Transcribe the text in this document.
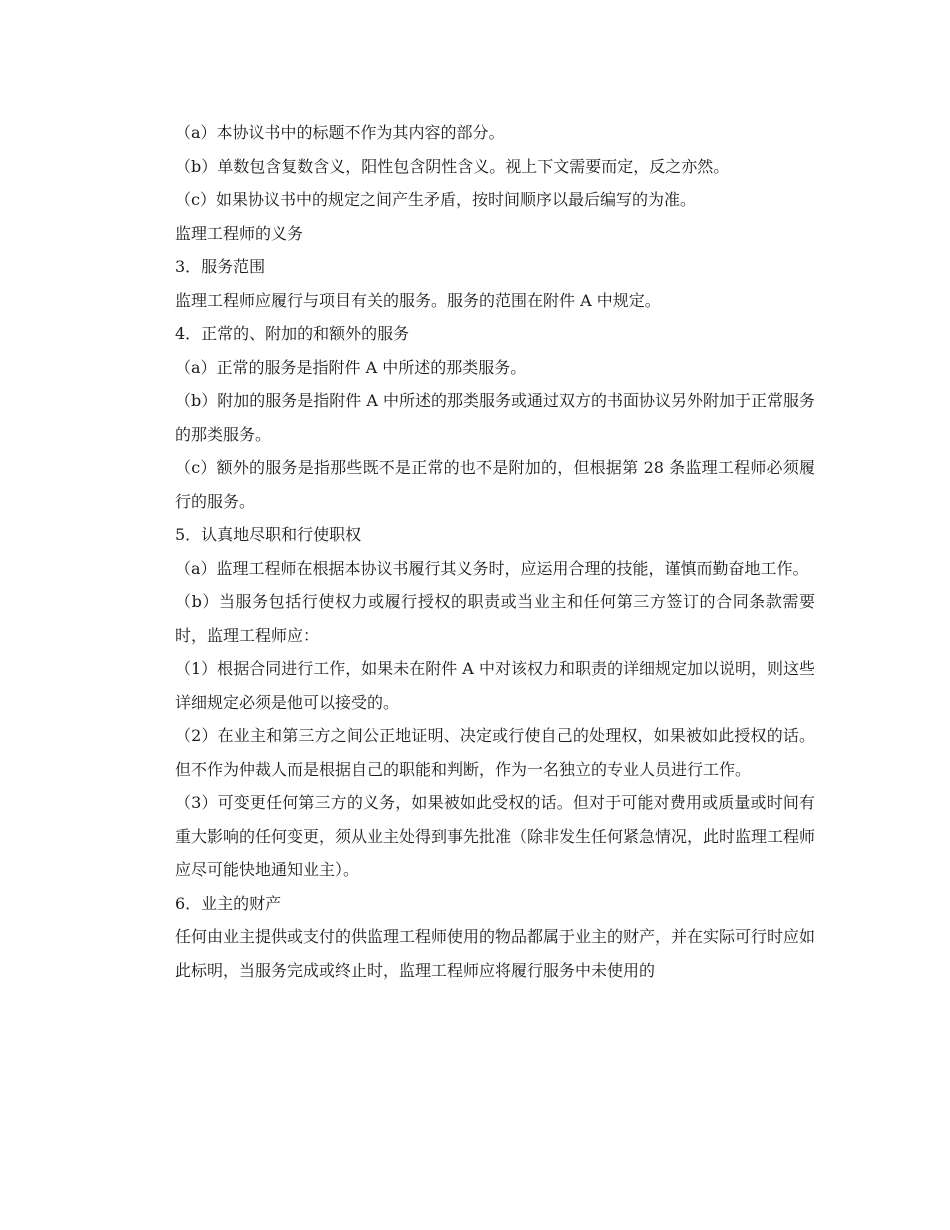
（a）本协议书中的标题不作为其内容的部分。

（b）单数包含复数含义，阳性包含阴性含义。视上下文需要而定，反之亦然。

（c）如果协议书中的规定之间产生矛盾，按时间顺序以最后编写的为准。

监理工程师的义务

3．服务范围

监理工程师应履行与项目有关的服务。服务的范围在附件 A 中规定。

4．正常的、附加的和额外的服务

（a）正常的服务是指附件 A 中所述的那类服务。

（b）附加的服务是指附件 A 中所述的那类服务或通过双方的书面协议另外附加于正常服务的那类服务。

（c）额外的服务是指那些既不是正常的也不是附加的，但根据第 28 条监理工程师必须履行的服务。

5．认真地尽职和行使职权

（a）监理工程师在根据本协议书履行其义务时，应运用合理的技能，谨慎而勤奋地工作。

（b）当服务包括行使权力或履行授权的职责或当业主和任何第三方签订的合同条款需要时，监理工程师应：

（1）根据合同进行工作，如果未在附件 A 中对该权力和职责的详细规定加以说明，则这些详细规定必须是他可以接受的。

（2）在业主和第三方之间公正地证明、决定或行使自己的处理权，如果被如此授权的话。但不作为仲裁人而是根据自己的职能和判断，作为一名独立的专业人员进行工作。

（3）可变更任何第三方的义务，如果被如此受权的话。但对于可能对费用或质量或时间有重大影响的任何变更，须从业主处得到事先批准（除非发生任何紧急情况，此时监理工程师应尽可能快地通知业主）。

6．业主的财产

任何由业主提供或支付的供监理工程师使用的物品都属于业主的财产，并在实际可行时应如此标明，当服务完成或终止时，监理工程师应将履行服务中未使用的
